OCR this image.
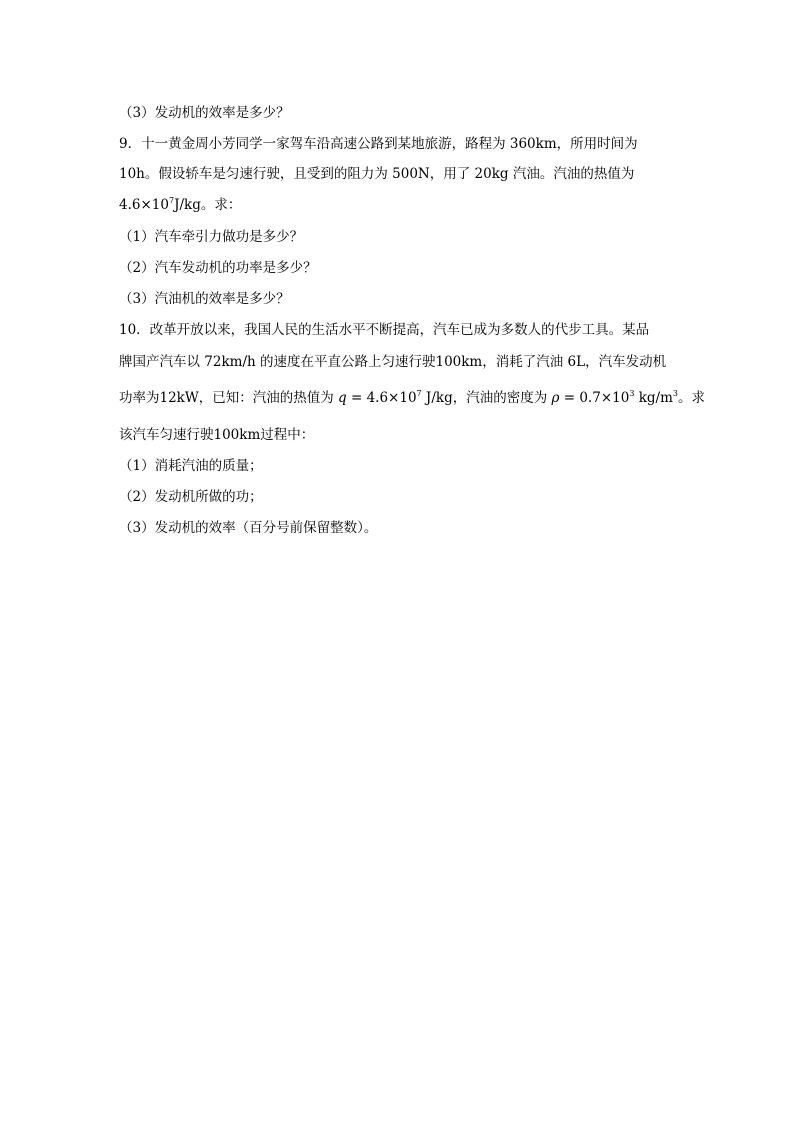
（3）发动机的效率是多少？
9．十一黄金周小芳同学一家驾车沿高速公路到某地旅游，路程为 360km，所用时间为
10h。假设轿车是匀速行驶，且受到的阻力为 500N，用了 20kg 汽油。汽油的热值为
$4.6\times 10^7J/kg$。求：
（1）汽车牵引力做功是多少？
（2）汽车发动机的功率是多少？
（3）汽油机的效率是多少？
10．改革开放以来，我国人民的生活水平不断提高，汽车已成为多数人的代步工具。某品
牌国产汽车以 72km/h 的速度在平直公路上匀速行驶100km，消耗了汽油 6L，汽车发动机
功率为12kW，已知：汽油的热值为 $q = 4.6\times 10^7$ J/kg，汽油的密度为 $\rho = 0.7\times 10^3$ $kg/m^3$。求
该汽车匀速行驶100km过程中：
（1）消耗汽油的质量；
（2）发动机所做的功；
（3）发动机的效率（百分号前保留整数）。
